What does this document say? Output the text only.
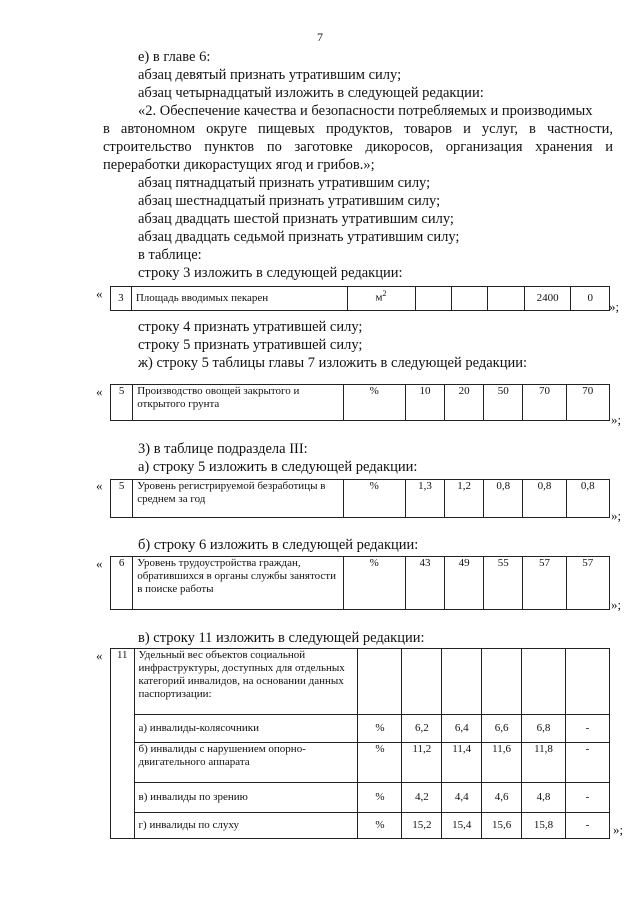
7
е) в главе 6:
абзац девятый признать утратившим силу;
абзац четырнадцатый изложить в следующей редакции:
«2. Обеспечение качества и безопасности потребляемых и производимых
в автономном округе пищевых продуктов, товаров и услуг, в частности,
строительство пунктов по заготовке дикоросов, организация хранения и
переработки дикорастущих ягод и грибов.»;
абзац пятнадцатый признать утратившим силу;
абзац шестнадцатый признать утратившим силу;
абзац двадцать шестой признать утратившим силу;
абзац двадцать седьмой признать утратившим силу;
в таблице:
строку 3 изложить в следующей редакции:
« 3	Площадь вводимых пекарен	$м^2$				2400	0
»;
строку 4 признать утратившей силу;
строку 5 признать утратившей силу;
ж) строку 5 таблицы главы 7 изложить в следующей редакции:
« 5	Производство овощей закрытого и открытого грунта	%	10	20	50	70	70
»;
3) в таблице подраздела III:
а) строку 5 изложить в следующей редакции:
« 5	Уровень регистрируемой безработицы в среднем за год	%	1,3	1,2	0,8	0,8	0,8
»;
б) строку 6 изложить в следующей редакции:
« 6	Уровень трудоустройства граждан, обратившихся в органы службы занятости в поиске работы	%	43	49	55	57	57
»;
в) строку 11 изложить в следующей редакции:
« 11	Удельный вес объектов социальной инфраструктуры, доступных для отдельных категорий инвалидов, на основании данных паспортизации:						
	а) инвалиды-колясочники	%	6,2	6,4	6,6	6,8	-
	б) инвалиды с нарушением опорно-двигательного аппарата	%	11,2	11,4	11,6	11,8	-
	в) инвалиды по зрению	%	4,2	4,4	4,6	4,8	-
	г) инвалиды по слуху	%	15,2	15,4	15,6	15,8	- »;
